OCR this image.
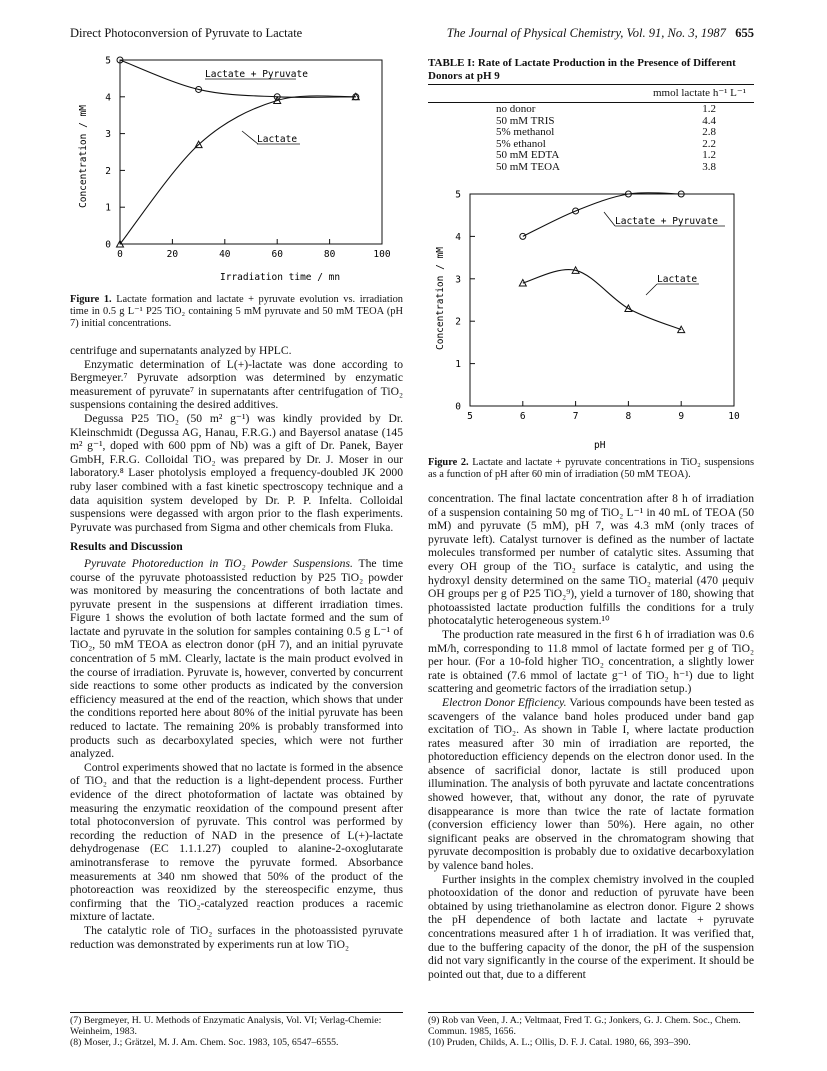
Direct Photoconversion of Pyruvate to Lactate	The Journal of Physical Chemistry, Vol. 91, No. 3, 1987 655
0	20	40	60	80	100
0
1
2
3
4
5
Lactate + Pyruvate
Lactate
Concentration / mM
Irradiation time / mn
Figure 1. Lactate formation and lactate + pyruvate evolution vs. irradiation time in 0.5 g L⁻¹ P25 TiO₂ containing 5 mM pyruvate and 50 mM TEOA (pH 7) initial concentrations.

centrifuge and supernatants analyzed by HPLC.

Enzymatic determination of L(+)-lactate was done according to Bergmeyer.⁷ Pyruvate adsorption was determined by enzymatic measurement of pyruvate⁷ in supernatants after centrifugation of TiO₂ suspensions containing the desired additives.

Degussa P25 TiO₂ (50 m² g⁻¹) was kindly provided by Dr. Kleinschmidt (Degussa AG, Hanau, F.R.G.) and Bayersol anatase (145 m² g⁻¹, doped with 600 ppm of Nb) was a gift of Dr. Panek, Bayer GmbH, F.R.G. Colloidal TiO₂ was prepared by Dr. J. Moser in our laboratory.⁸ Laser photolysis employed a frequency-doubled JK 2000 ruby laser combined with a fast kinetic spectroscopy technique and a data aquisition system developed by Dr. P. P. Infelta. Colloidal suspensions were degassed with argon prior to the flash experiments. Pyruvate was purchased from Sigma and other chemicals from Fluka.

Results and Discussion

Pyruvate Photoreduction in TiO₂ Powder Suspensions. The time course of the pyruvate photoassisted reduction by P25 TiO₂ powder was monitored by measuring the concentrations of both lactate and pyruvate present in the suspensions at different irradiation times. Figure 1 shows the evolution of both lactate formed and the sum of lactate and pyruvate in the solution for samples containing 0.5 g L⁻¹ of TiO₂, 50 mM TEOA as electron donor (pH 7), and an initial pyruvate concentration of 5 mM. Clearly, lactate is the main product evolved in the course of irradiation. Pyruvate is, however, converted by concurrent side reactions to some other products as indicated by the conversion efficiency measured at the end of the reaction, which shows that under the conditions reported here about 80% of the initial pyruvate has been reduced to lactate. The remaining 20% is probably transformed into products such as decarboxylated species, which were not further analyzed.

Control experiments showed that no lactate is formed in the absence of TiO₂ and that the reduction is a light-dependent process. Further evidence of the direct photoformation of lactate was obtained by measuring the enzymatic reoxidation of the compound present after total photoconversion of pyruvate. This control was performed by recording the reduction of NAD in the presence of L(+)-lactate dehydrogenase (EC 1.1.1.27) coupled to alanine-2-oxoglutarate aminotransferase to remove the pyruvate formed. Absorbance measurements at 340 nm showed that 50% of the product of the photoreaction was reoxidized by the stereospecific enzyme, thus confirming that the TiO₂-catalyzed reaction produces a racemic mixture of lactate.

The catalytic role of TiO₂ surfaces in the photoassisted pyruvate reduction was demonstrated by experiments run at low TiO₂

TABLE I: Rate of Lactate Production in the Presence of Different Donors at pH 9
mmol lactate h⁻¹ L⁻¹
no donor	1.2
50 mM TRIS	4.4
5% methanol	2.8
5% ethanol	2.2
50 mM EDTA	1.2
50 mM TEOA	3.8
5	6	7	8	9	10
0
1
2
3
4
5
Lactate + Pyruvate
Lactate
Concentration / mM
pH
Figure 2. Lactate and lactate + pyruvate concentrations in TiO₂ suspensions as a function of pH after 60 min of irradiation (50 mM TEOA).

concentration. The final lactate concentration after 8 h of irradiation of a suspension containing 50 mg of TiO₂ L⁻¹ in 40 mL of TEOA (50 mM) and pyruvate (5 mM), pH 7, was 4.3 mM (only traces of pyruvate left). Catalyst turnover is defined as the number of lactate molecules transformed per number of catalytic sites. Assuming that every OH group of the TiO₂ surface is catalytic, and using the hydroxyl density determined on the same TiO₂ material (470 μequiv OH groups per g of P25 TiO₂⁹), yield a turnover of 180, showing that photoassisted lactate production fulfills the conditions for a truly photocatalytic heterogeneous system.¹⁰

The production rate measured in the first 6 h of irradiation was 0.6 mM/h, corresponding to 11.8 mmol of lactate formed per g of TiO₂ per hour. (For a 10-fold higher TiO₂ concentration, a slightly lower rate is obtained (7.6 mmol of lactate g⁻¹ of TiO₂ h⁻¹) due to light scattering and geometric factors of the irradiation setup.)

Electron Donor Efficiency. Various compounds have been tested as scavengers of the valance band holes produced under band gap excitation of TiO₂. As shown in Table I, where lactate production rates measured after 30 min of irradiation are reported, the photoreduction efficiency depends on the electron donor used. In the absence of sacrificial donor, lactate is still produced upon illumination. The analysis of both pyruvate and lactate concentrations showed however, that, without any donor, the rate of pyruvate disappearance is more than twice the rate of lactate formation (conversion efficiency lower than 50%). Here again, no other significant peaks are observed in the chromatogram showing that pyruvate decomposition is probably due to oxidative decarboxylation by valence band holes.

Further insights in the complex chemistry involved in the coupled photooxidation of the donor and reduction of pyruvate have been obtained by using triethanolamine as electron donor. Figure 2 shows the pH dependence of both lactate and lactate + pyruvate concentrations measured after 1 h of irradiation. It was verified that, due to the buffering capacity of the donor, the pH of the suspension did not vary significantly in the course of the experiment. It should be pointed out that, due to a different

(7) Bergmeyer, H. U. Methods of Enzymatic Analysis, Vol. VI; Verlag-Chemie: Weinheim, 1983.
(8) Moser, J.; Grätzel, M. J. Am. Chem. Soc. 1983, 105, 6547–6555.
(9) Rob van Veen, J. A.; Veltmaat, Fred T. G.; Jonkers, G. J. Chem. Soc., Chem. Commun. 1985, 1656.
(10) Pruden, Childs, A. L.; Ollis, D. F. J. Catal. 1980, 66, 393–390.
